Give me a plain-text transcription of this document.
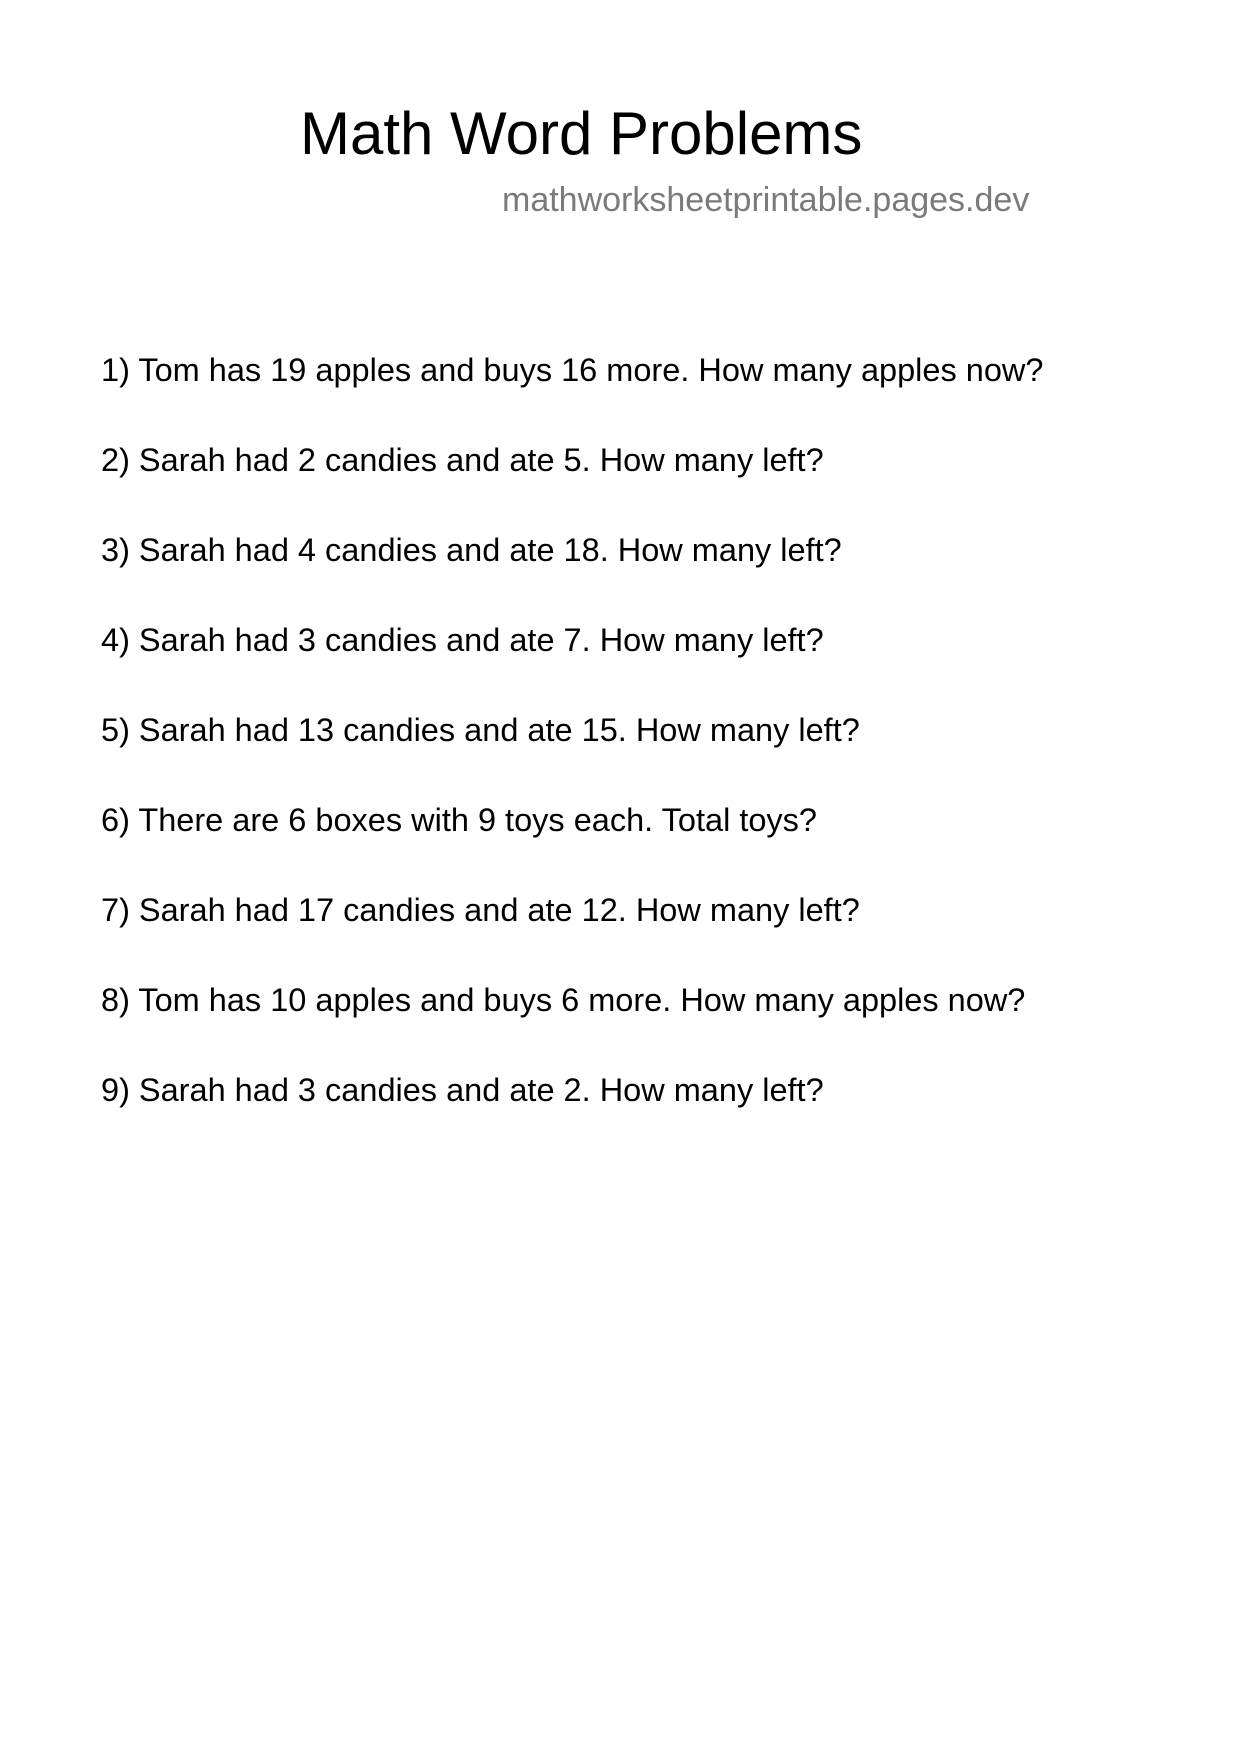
Math Word Problems
mathworksheetprintable.pages.dev
1) Tom has 19 apples and buys 16 more. How many apples now?
2) Sarah had 2 candies and ate 5. How many left?
3) Sarah had 4 candies and ate 18. How many left?
4) Sarah had 3 candies and ate 7. How many left?
5) Sarah had 13 candies and ate 15. How many left?
6) There are 6 boxes with 9 toys each. Total toys?
7) Sarah had 17 candies and ate 12. How many left?
8) Tom has 10 apples and buys 6 more. How many apples now?
9) Sarah had 3 candies and ate 2. How many left?
